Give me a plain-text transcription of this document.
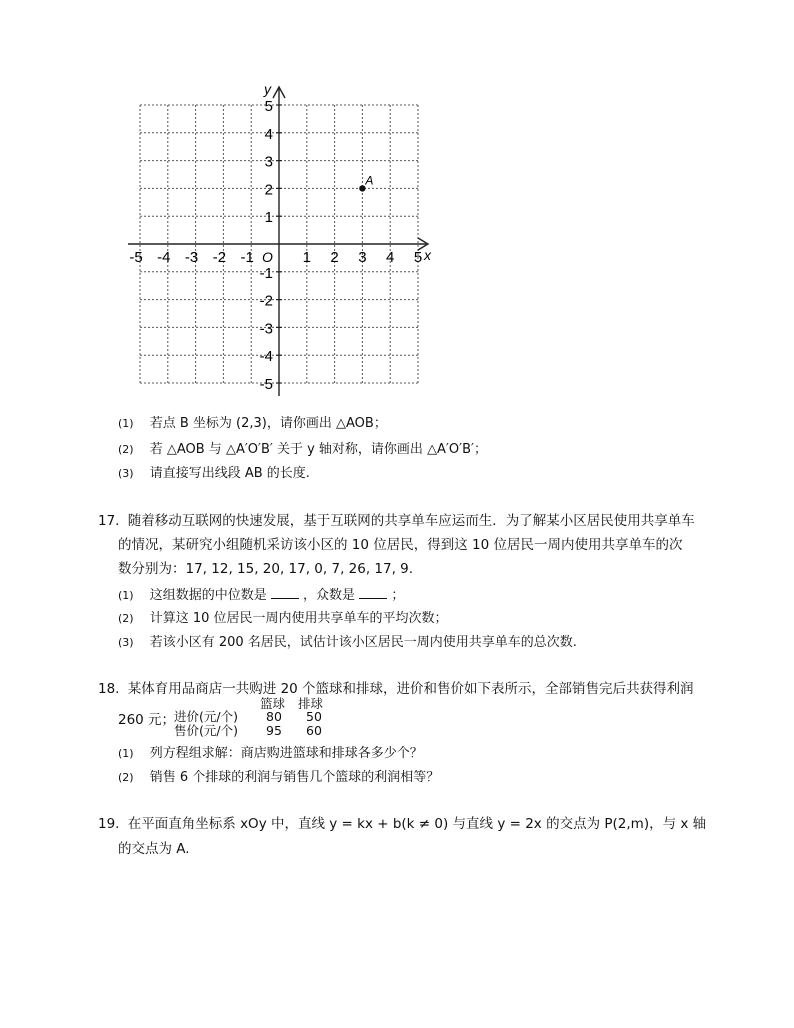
-5 -4 -3 -2 -1	1 2 3 4 5
5
4
3
2
1
-1
-2
-3
-4
-5
x
y
O
A
(1) 若点 B 坐标为 (2,3)，请你画出 △AOB；
(2) 若 △AOB 与 △A′O′B′ 关于 y 轴对称，请你画出 △A′O′B′；
(3) 请直接写出线段 AB 的长度.
17. 随着移动互联网的快速发展，基于互联网的共享单车应运而生．为了解某小区居民使用共享单车
的情况，某研究小组随机采访该小区的 10 位居民，得到这 10 位居民一周内使用共享单车的次
数分别为：17, 12, 15, 20, 17, 0, 7, 26, 17, 9.
(1) 这组数据的中位数是	，众数是	；
(2) 计算这 10 位居民一周内使用共享单车的平均次数；
(3) 若该小区有 200 名居民，试估计该小区居民一周内使用共享单车的总次数.
18. 某体育用品商店一共购进 20 个篮球和排球，进价和售价如下表所示，全部销售完后共获得利润
260 元；
篮球 排球
进价(元/个) 80 50
售价(元/个) 95 60
(1) 列方程组求解：商店购进篮球和排球各多少个？
(2) 销售 6 个排球的利润与销售几个篮球的利润相等？
19. 在平面直角坐标系 xOy 中，直线 y = kx + b(k ≠ 0) 与直线 y = 2x 的交点为 P(2,m)，与 x 轴
的交点为 A.
